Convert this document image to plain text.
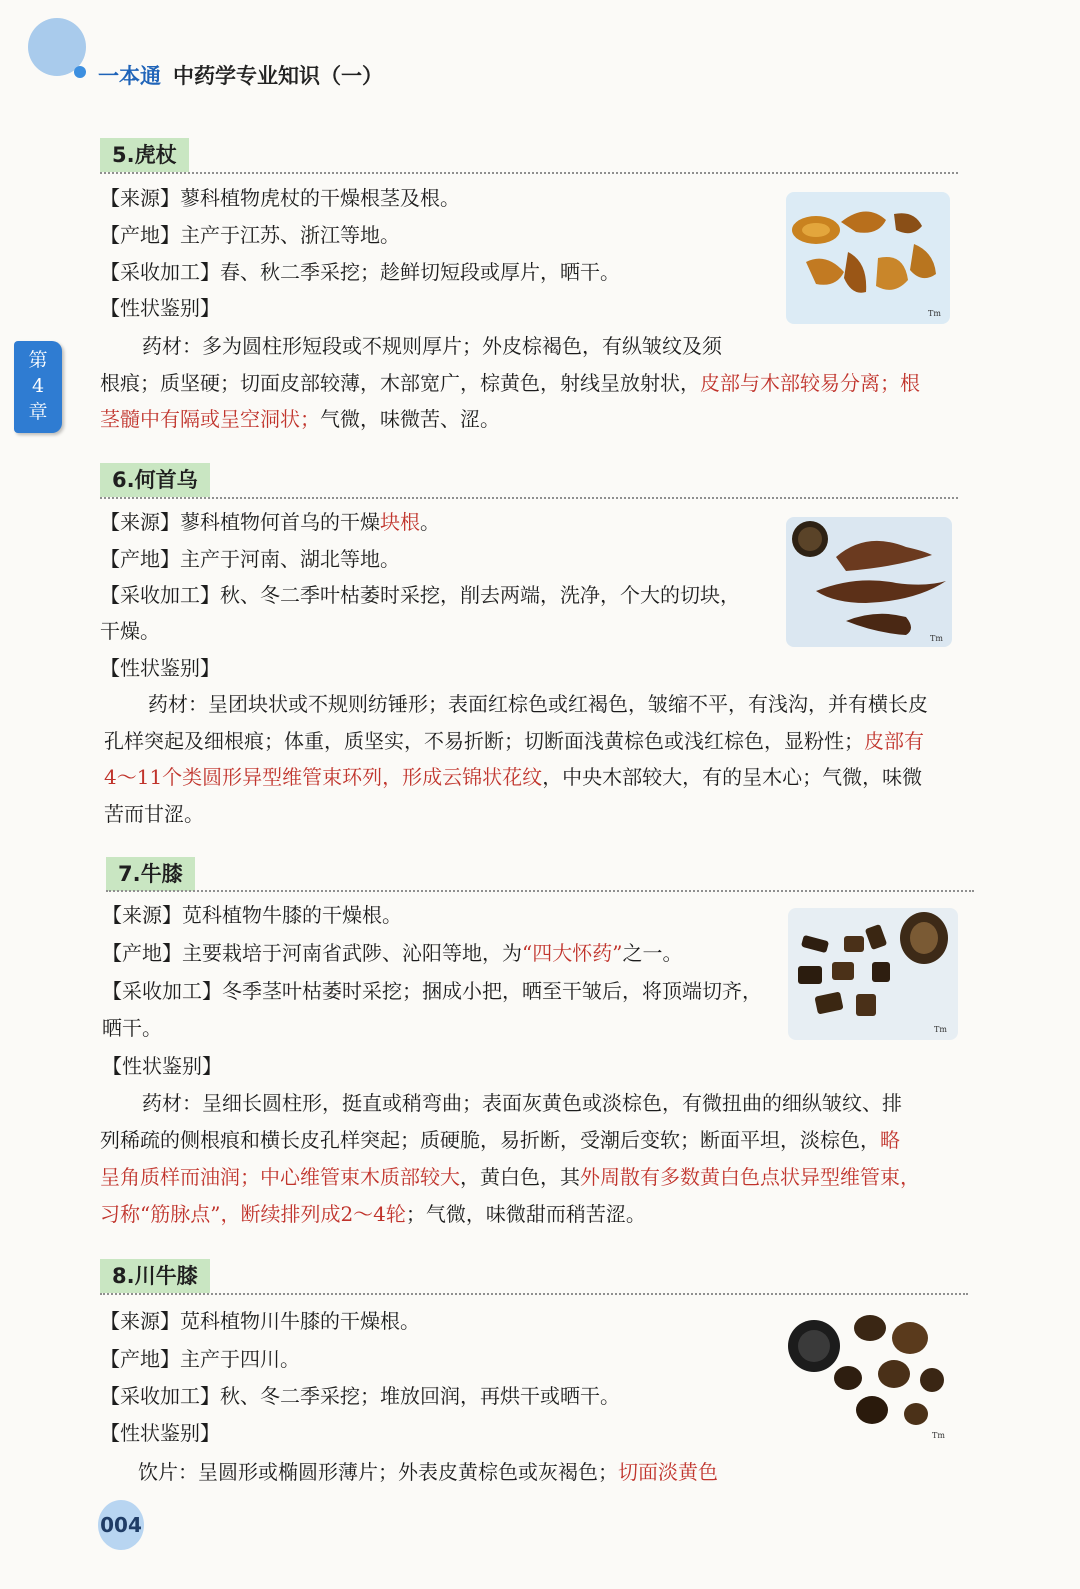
一本通 中药学专业知识（一）
第
4
章
5.虎杖
【来源】蓼科植物虎杖的干燥根茎及根。
【产地】主产于江苏、浙江等地。
【采收加工】春、秋二季采挖；趁鲜切短段或厚片，晒干。
【性状鉴别】
药材：多为圆柱形短段或不规则厚片；外皮棕褐色，有纵皱纹及须
根痕；质坚硬；切面皮部较薄，木部宽广，棕黄色，射线呈放射状，皮部与木部较易分离；根
茎髓中有隔或呈空洞状；气微，味微苦、涩。
Tm
6.何首乌
【来源】蓼科植物何首乌的干燥块根。
【产地】主产于河南、湖北等地。
【采收加工】秋、冬二季叶枯萎时采挖，削去两端，洗净，个大的切块，
干燥。
【性状鉴别】
药材：呈团块状或不规则纺锤形；表面红棕色或红褐色，皱缩不平，有浅沟，并有横长皮
孔样突起及细根痕；体重，质坚实，不易折断；切断面浅黄棕色或浅红棕色，显粉性；皮部有
4～11个类圆形异型维管束环列，形成云锦状花纹，中央木部较大，有的呈木心；气微，味微
苦而甘涩。
Tm
7.牛膝
【来源】苋科植物牛膝的干燥根。
【产地】主要栽培于河南省武陟、沁阳等地，为“四大怀药”之一。
【采收加工】冬季茎叶枯萎时采挖；捆成小把，晒至干皱后，将顶端切齐，
晒干。
【性状鉴别】
药材：呈细长圆柱形，挺直或稍弯曲；表面灰黄色或淡棕色，有微扭曲的细纵皱纹、排
列稀疏的侧根痕和横长皮孔样突起；质硬脆，易折断，受潮后变软；断面平坦，淡棕色，略
呈角质样而油润；中心维管束木质部较大，黄白色，其外周散有多数黄白色点状异型维管束，
习称“筋脉点”，断续排列成2～4轮；气微，味微甜而稍苦涩。
Tm
8.川牛膝
【来源】苋科植物川牛膝的干燥根。
【产地】主产于四川。
【采收加工】秋、冬二季采挖；堆放回润，再烘干或晒干。
【性状鉴别】
饮片：呈圆形或椭圆形薄片；外表皮黄棕色或灰褐色；切面淡黄色
Tm
004
